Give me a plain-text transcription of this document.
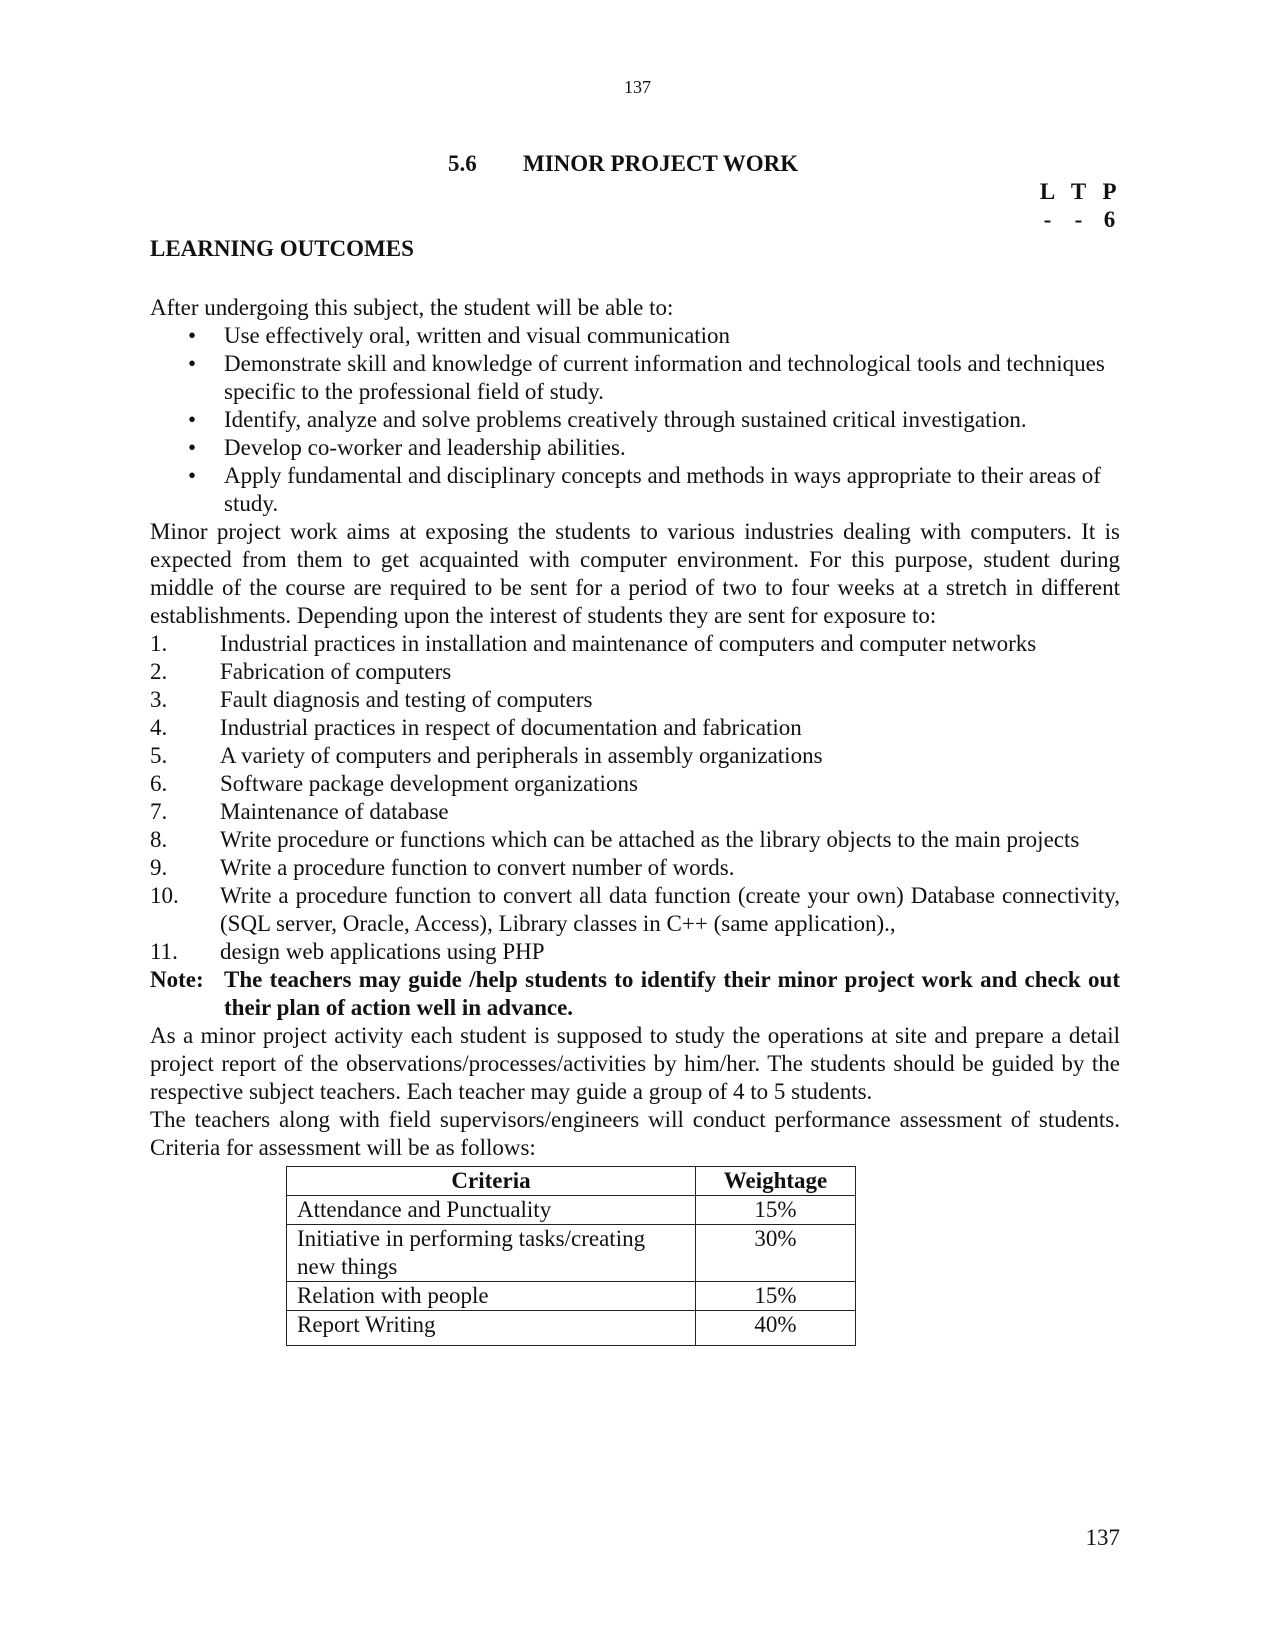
137
5.6 MINOR PROJECT WORK
L T P
-	- 6
LEARNING OUTCOMES

After undergoing this subject, the student will be able to:

• Use effectively oral, written and visual communication
• Demonstrate skill and knowledge of current information and technological tools and techniques specific to the professional field of study.
• Identify, analyze and solve problems creatively through sustained critical investigation.
• Develop co-worker and leadership abilities.
• Apply fundamental and disciplinary concepts and methods in ways appropriate to their areas of study.

Minor project work aims at exposing the students to various industries dealing with computers. It is expected from them to get acquainted with computer environment. For this purpose, student during middle of the course are required to be sent for a period of two to four weeks at a stretch in different establishments. Depending upon the interest of students they are sent for exposure to:

1. Industrial practices in installation and maintenance of computers and computer networks
2. Fabrication of computers
3. Fault diagnosis and testing of computers
4. Industrial practices in respect of documentation and fabrication
5. A variety of computers and peripherals in assembly organizations
6. Software package development organizations
7. Maintenance of database
8. Write procedure or functions which can be attached as the library objects to the main projects
9. Write a procedure function to convert number of words.
10. Write a procedure function to convert all data function (create your own) Database connectivity, (SQL server, Oracle, Access), Library classes in C++ (same application).,
11. design web applications using PHP
Note: The teachers may guide /help students to identify their minor project work and check out their plan of action well in advance.

As a minor project activity each student is supposed to study the operations at site and prepare a detail project report of the observations/processes/activities by him/her. The students should be guided by the respective subject teachers. Each teacher may guide a group of 4 to 5 students.

The teachers along with field supervisors/engineers will conduct performance assessment of students. Criteria for assessment will be as follows:

Criteria	Weightage
Attendance and Punctuality	15%
Initiative in performing tasks/creating new things	30%
Relation with people	15%
Report Writing	40%
137
